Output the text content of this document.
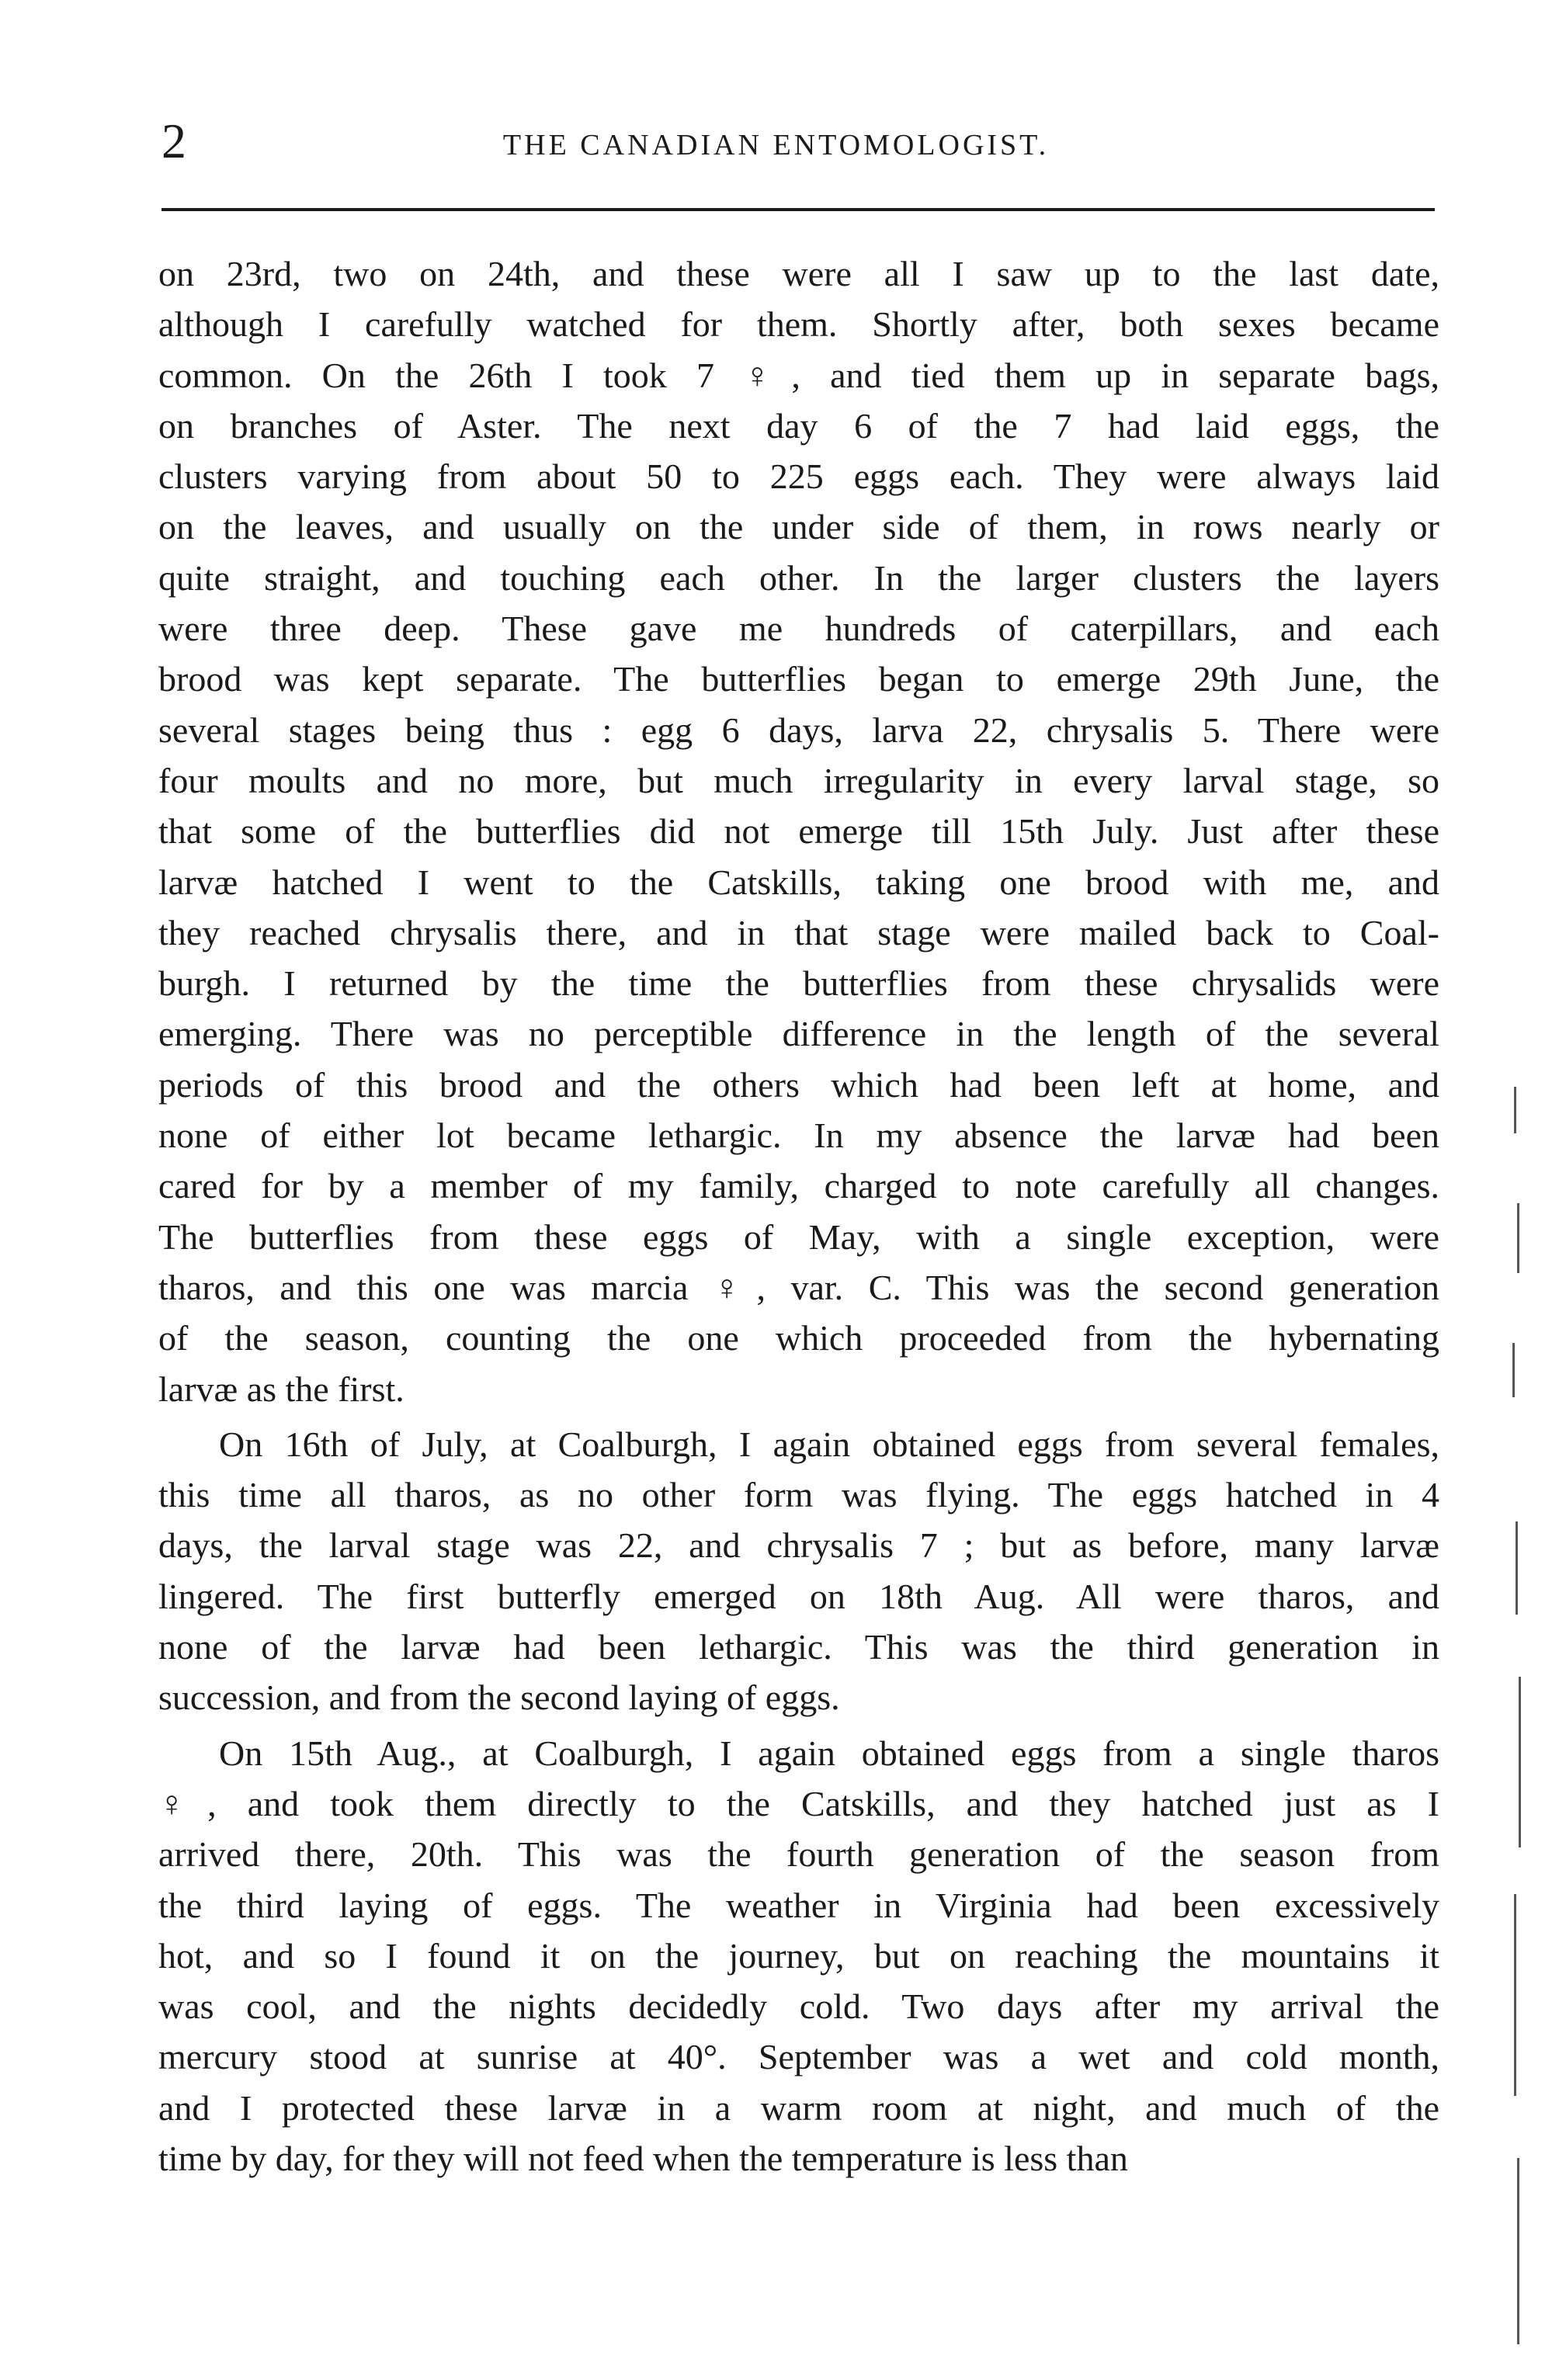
2	THE CANADIAN ENTOMOLOGIST.
on 23rd, two on 24th, and these were all I saw up to the last date,
although I carefully watched for them. Shortly after, both sexes became
common. On the 26th I took 7 ♀, and tied them up in separate bags,
on branches of Aster. The next day 6 of the 7 had laid eggs, the
clusters varying from about 50 to 225 eggs each. They were always laid
on the leaves, and usually on the under side of them, in rows nearly or
quite straight, and touching each other. In the larger clusters the layers
were three deep. These gave me hundreds of caterpillars, and each
brood was kept separate. The butterflies began to emerge 29th June, the
several stages being thus : egg 6 days, larva 22, chrysalis 5. There were
four moults and no more, but much irregularity in every larval stage, so
that some of the butterflies did not emerge till 15th July. Just after these
larvæ hatched I went to the Catskills, taking one brood with me, and
they reached chrysalis there, and in that stage were mailed back to Coal-
burgh. I returned by the time the butterflies from these chrysalids were
emerging. There was no perceptible difference in the length of the several
periods of this brood and the others which had been left at home, and
none of either lot became lethargic. In my absence the larvæ had been
cared for by a member of my family, charged to note carefully all changes.
The butterflies from these eggs of May, with a single exception, were
tharos, and this one was marcia ♀, var. C. This was the second generation
of the season, counting the one which proceeded from the hybernating
larvæ as the first.
On 16th of July, at Coalburgh, I again obtained eggs from several females,
this time all tharos, as no other form was flying. The eggs hatched in 4
days, the larval stage was 22, and chrysalis 7 ; but as before, many larvæ
lingered. The first butterfly emerged on 18th Aug. All were tharos, and
none of the larvæ had been lethargic. This was the third generation in
succession, and from the second laying of eggs.
On 15th Aug., at Coalburgh, I again obtained eggs from a single tharos
♀, and took them directly to the Catskills, and they hatched just as I
arrived there, 20th. This was the fourth generation of the season from
the third laying of eggs. The weather in Virginia had been excessively
hot, and so I found it on the journey, but on reaching the mountains it
was cool, and the nights decidedly cold. Two days after my arrival the
mercury stood at sunrise at 40°. September was a wet and cold month,
and I protected these larvæ in a warm room at night, and much of the
time by day, for they will not feed when the temperature is less than
